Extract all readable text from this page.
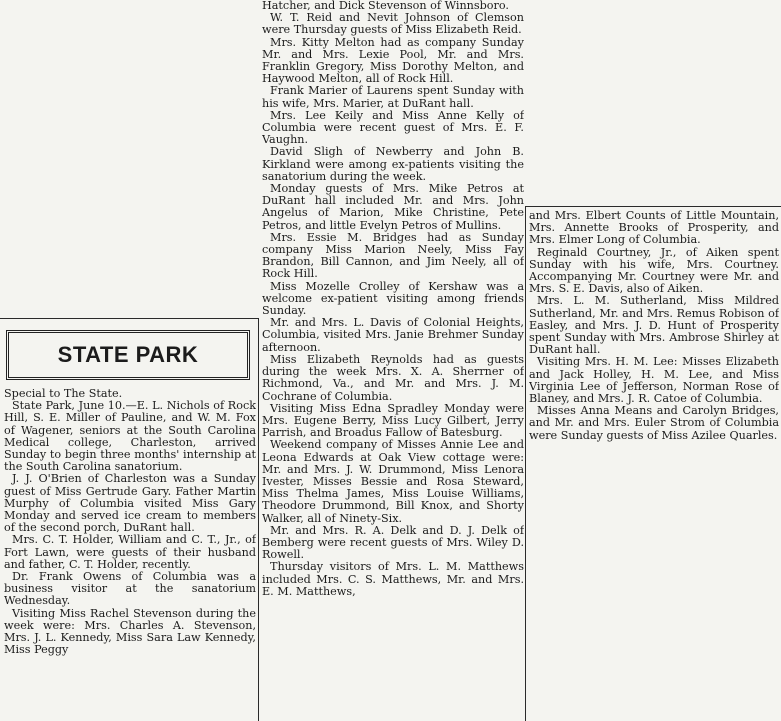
STATE PARK

Special to The State.

State Park, June 10.—E. L. Nichols of Rock Hill, S. E. Miller of Pauline, and W. M. Fox of Wagener, seniors at the South Carolina Medical college, Charleston, arrived Sunday to begin three months' internship at the South Carolina sanatorium.

J. J. O'Brien of Charleston was a Sunday guest of Miss Gertrude Gary. Father Martin Murphy of Columbia visited Miss Gary Monday and served ice cream to members of the second porch, DuRant hall.

Mrs. C. T. Holder, William and C. T., Jr., of Fort Lawn, were guests of their husband and father, C. T. Holder, recently.

Dr. Frank Owens of Columbia was a business visitor at the sanatorium Wednesday.

Visiting Miss Rachel Stevenson during the week were: Mrs. Charles A. Stevenson, Mrs. J. L. Kennedy, Miss Sara Law Kennedy, Miss Peggy

Hatcher, and Dick Stevenson of Winnsboro.

W. T. Reid and Nevit Johnson of Clemson were Thursday guests of Miss Elizabeth Reid.

Mrs. Kitty Melton had as company Sunday Mr. and Mrs. Lexie Pool, Mr. and Mrs. Franklin Gregory, Miss Dorothy Melton, and Haywood Melton, all of Rock Hill.

Frank Marier of Laurens spent Sunday with his wife, Mrs. Marier, at DuRant hall.

Mrs. Lee Keily and Miss Anne Kelly of Columbia were recent guest of Mrs. E. F. Vaughn.

David Sligh of Newberry and John B. Kirkland were among ex-patients visiting the sanatorium during the week.

Monday guests of Mrs. Mike Petros at DuRant hall included Mr. and Mrs. John Angelus of Marion, Mike Christine, Pete Petros, and little Evelyn Petros of Mullins.

Mrs. Essie M. Bridges had as Sunday company Miss Marion Neely, Miss Fay Brandon, Bill Cannon, and Jim Neely, all of Rock Hill.

Miss Mozelle Crolley of Kershaw was a welcome ex-patient visiting among friends Sunday.

Mr. and Mrs. L. Davis of Colonial Heights, Columbia, visited Mrs. Janie Brehmer Sunday afternoon.

Miss Elizabeth Reynolds had as guests during the week Mrs. X. A. Sherrner of Richmond, Va., and Mr. and Mrs. J. M. Cochrane of Columbia.

Visiting Miss Edna Spradley Monday were Mrs. Eugene Berry, Miss Lucy Gilbert, Jerry Parrish, and Broadus Fallow of Batesburg.

Weekend company of Misses Annie Lee and Leona Edwards at Oak View cottage were: Mr. and Mrs. J. W. Drummond, Miss Lenora Ivester, Misses Bessie and Rosa Steward, Miss Thelma James, Miss Louise Williams, Theodore Drummond, Bill Knox, and Shorty Walker, all of Ninety-Six.

Mr. and Mrs. R. A. Delk and D. J. Delk of Bemberg were recent guests of Mrs. Wiley D. Rowell.

Thursday visitors of Mrs. L. M. Matthews included Mrs. C. S. Matthews, Mr. and Mrs. E. M. Matthews,

and Mrs. Elbert Counts of Little Mountain, Mrs. Annette Brooks of Prosperity, and Mrs. Elmer Long of Columbia.

Reginald Courtney, Jr., of Aiken spent Sunday with his wife, Mrs. Courtney. Accompanying Mr. Courtney were Mr. and Mrs. S. E. Davis, also of Aiken.

Mrs. L. M. Sutherland, Miss Mildred Sutherland, Mr. and Mrs. Remus Robison of Easley, and Mrs. J. D. Hunt of Prosperity spent Sunday with Mrs. Ambrose Shirley at DuRant hall.

Visiting Mrs. H. M. Lee: Misses Elizabeth and Jack Holley, H. M. Lee, and Miss Virginia Lee of Jefferson, Norman Rose of Blaney, and Mrs. J. R. Catoe of Columbia.

Misses Anna Means and Carolyn Bridges, and Mr. and Mrs. Euler Strom of Columbia were Sunday guests of Miss Azilee Quarles.
